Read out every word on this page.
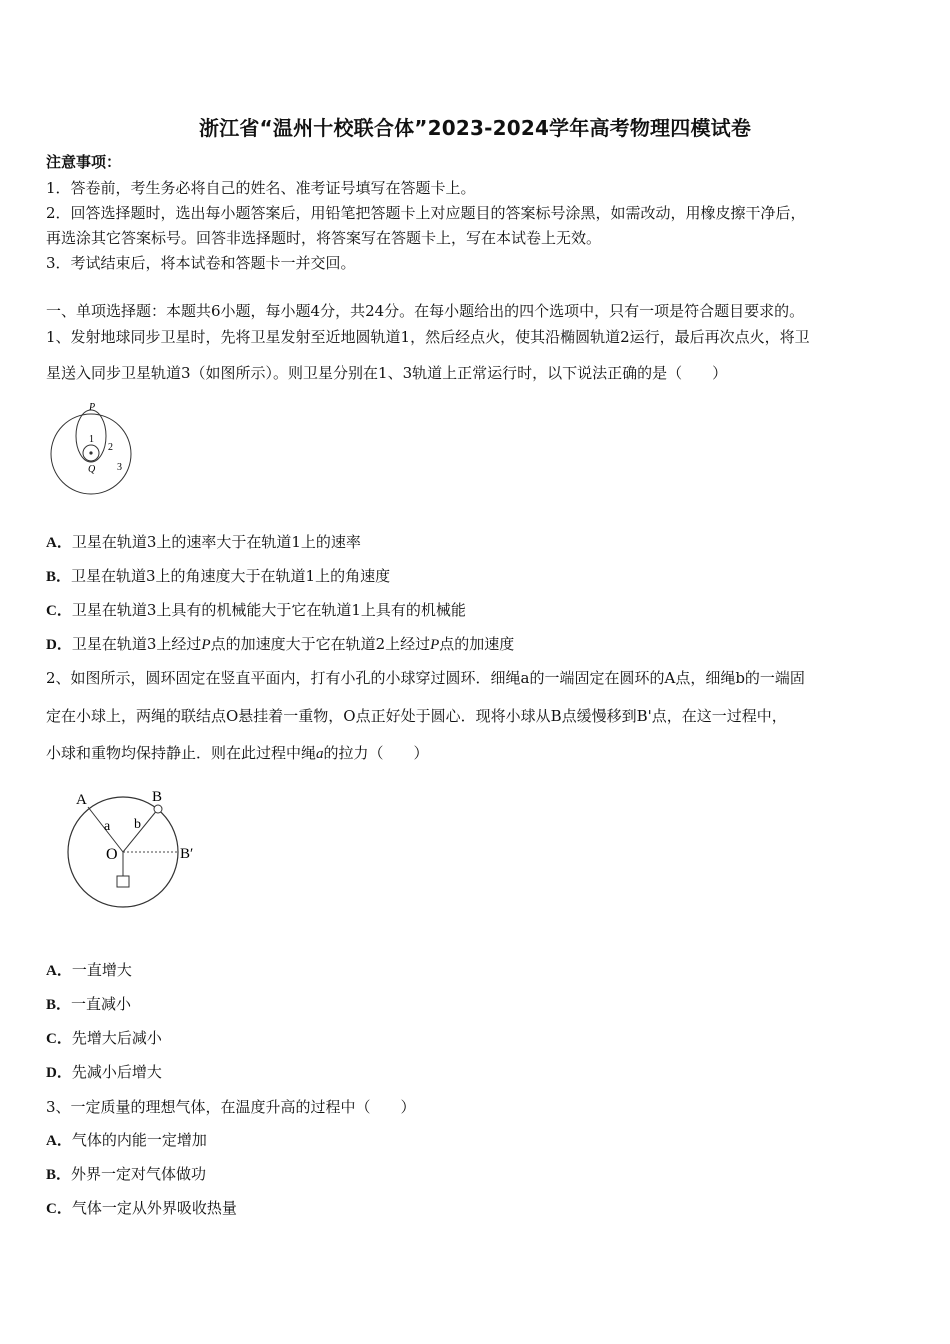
浙江省“温州十校联合体”2023-2024学年高考物理四模试卷
注意事项：
1．答卷前，考生务必将自己的姓名、准考证号填写在答题卡上。
2．回答选择题时，选出每小题答案后，用铅笔把答题卡上对应题目的答案标号涂黑，如需改动，用橡皮擦干净后，
再选涂其它答案标号。回答非选择题时，将答案写在答题卡上，写在本试卷上无效。
3．考试结束后，将本试卷和答题卡一并交回。
一、单项选择题：本题共6小题，每小题4分，共24分。在每小题给出的四个选项中，只有一项是符合题目要求的。
1、发射地球同步卫星时，先将卫星发射至近地圆轨道1，然后经点火，使其沿椭圆轨道2运行，最后再次点火，将卫
星送入同步卫星轨道3（如图所示）。则卫星分别在1、3轨道上正常运行时，以下说法正确的是（　　）
P
Q
1
2
3
A．卫星在轨道3上的速率大于在轨道1上的速率
B．卫星在轨道3上的角速度大于在轨道1上的角速度
C．卫星在轨道3上具有的机械能大于它在轨道1上具有的机械能
D．卫星在轨道3上经过P点的加速度大于它在轨道2上经过P点的加速度
2、如图所示，圆环固定在竖直平面内，打有小孔的小球穿过圆环．细绳a的一端固定在圆环的A点，细绳b的一端固
定在小球上，两绳的联结点O悬挂着一重物，O点正好处于圆心．现将小球从B点缓慢移到B'点，在这一过程中，
小球和重物均保持静止．则在此过程中绳a的拉力（　　）
A	B
a b
O	B′
A．一直增大
B．一直减小
C．先增大后减小
D．先减小后增大
3、一定质量的理想气体，在温度升高的过程中（　　）
A．气体的内能一定增加
B．外界一定对气体做功
C．气体一定从外界吸收热量
